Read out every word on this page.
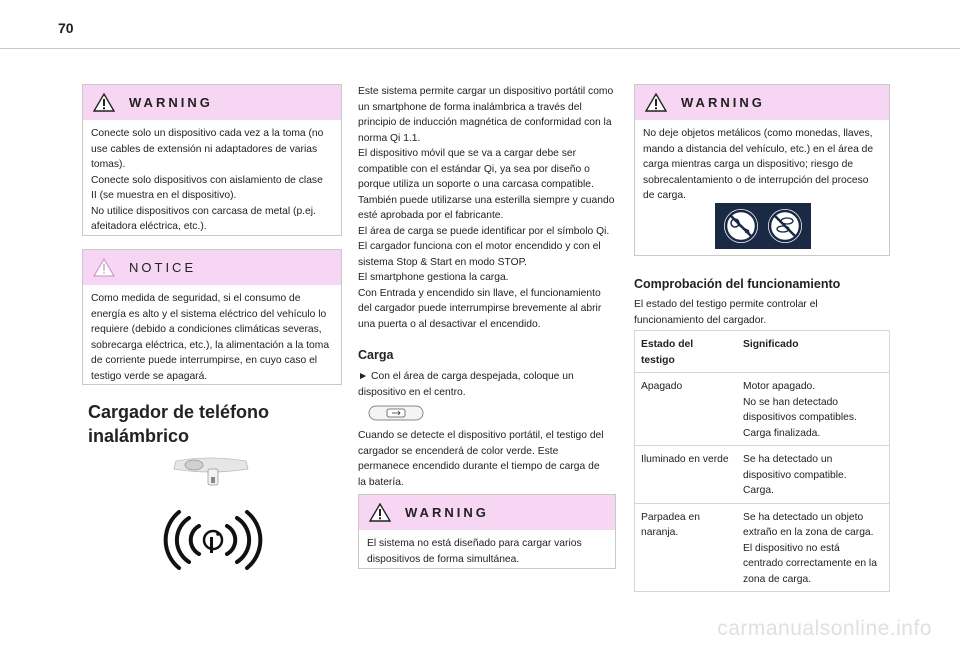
70
WARNING

Conecte solo un dispositivo cada vez a la toma (no use cables de extensión ni adaptadores de varias tomas).

Conecte solo dispositivos con aislamiento de clase II (se muestra en el dispositivo).

No utilice dispositivos con carcasa de metal (p.ej. afeitadora eléctrica, etc.).

NOTICE

Como medida de seguridad, si el consumo de energía es alto y el sistema eléctrico del vehículo lo requiere (debido a condiciones climáticas severas, sobrecarga eléctrica, etc.), la alimentación a la toma de corriente puede interrumpirse, en cuyo caso el testigo verde se apagará.

Cargador de teléfono inalámbrico

Este sistema permite cargar un dispositivo portátil como un smartphone de forma inalámbrica a través del principio de inducción magnética de conformidad con la norma Qi 1.1.

El dispositivo móvil que se va a cargar debe ser compatible con el estándar Qi, ya sea por diseño o porque utiliza un soporte o una carcasa compatible. También puede utilizarse una esterilla siempre y cuando esté aprobada por el fabricante.

El área de carga se puede identificar por el símbolo Qi.

El cargador funciona con el motor encendido y con el sistema Stop & Start en modo STOP.

El smartphone gestiona la carga.

Con Entrada y encendido sin llave, el funcionamiento del cargador puede interrumpirse brevemente al abrir una puerta o al desactivar el encendido.

Carga
► Con el área de carga despejada, coloque un dispositivo en el centro.
Cuando se detecte el dispositivo portátil, el testigo del cargador se encenderá de color verde. Este permanece encendido durante el tiempo de carga de la batería.
WARNING

El sistema no está diseñado para cargar varios dispositivos de forma simultánea.

WARNING

No deje objetos metálicos (como monedas, llaves, mando a distancia del vehículo, etc.) en el área de carga mientras carga un dispositivo; riesgo de sobrecalentamiento o de interrupción del proceso de carga.

Comprobación del funcionamiento
El estado del testigo permite controlar el funcionamiento del cargador.
Estado del testigo	Significado
Apagado	Motor apagado.
No se han detectado dispositivos compatibles.
Carga finalizada.
Iluminado en verde	Se ha detectado un dispositivo compatible.
Carga.
Parpadea en naranja.	Se ha detectado un objeto extraño en la zona de carga.
El dispositivo no está centrado correctamente en la zona de carga.
carmanualsonline.info
